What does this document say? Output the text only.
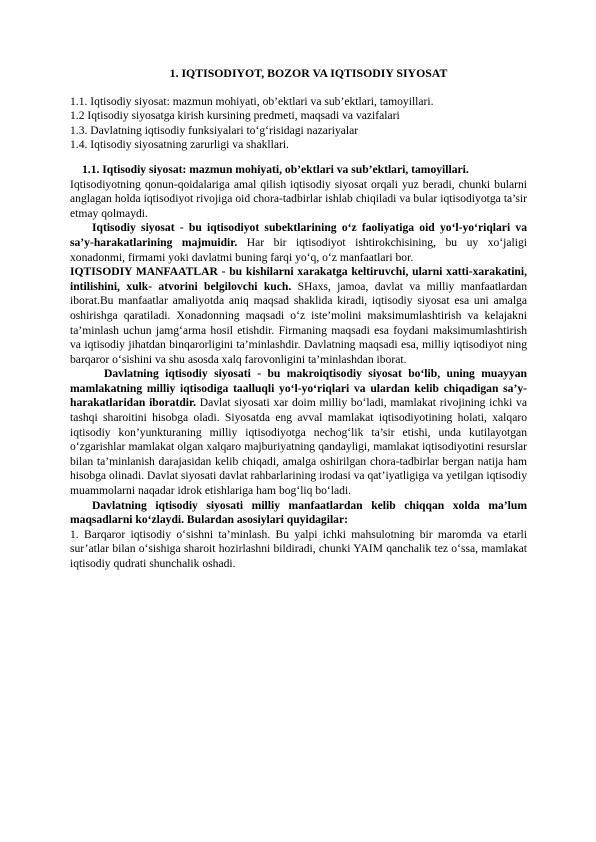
1. IQTISODIYOT, BOZOR VA IQTISODIY SIYOSAT
1.1. Iqtisodiy siyosat: mazmun mohiyati, ob’ektlari va sub’ektlari, tamoyillari.
1.2 Iqtisodiy siyosatga kirish kursining predmeti, maqsadi va vazifalari
1.3. Davlatning iqtisodiy funksiyalari to‘g‘risidagi nazariyalar
1.4. Iqtisodiy siyosatning zarurligi va shakllari.

1.1. Iqtisodiy siyosat: mazmun mohiyati, ob’ektlari va sub’ektlari, tamoyillari.

Iqtisodiyotning qonun-qoidalariga amal qilish iqtisodiy siyosat orqali yuz beradi, chunki bularni anglagan holda iqtisodiyot rivojiga oid chora-tadbirlar ishlab chiqiladi va bular iqtisodiyotga ta’sir etmay qolmaydi.

Iqtisodiy siyosat - bu iqtisodiyot subektlarining o‘z faoliyatiga oid yo‘l-yo‘riqlari va sa’y-harakatlarining majmuidir. Har bir iqtisodiyot ishtirokchisining, bu uy xo‘jaligi xonadonmi, firmami yoki davlatmi buning farqi yo‘q, o‘z manfaatlari bor.

IQTISODIY MANFAATLAR - bu kishilarni xarakatga keltiruvchi, ularni xatti-xarakatini, intilishini, xulk- atvorini belgilovchi kuch. SHaxs, jamoa, davlat va milliy manfaatlardan iborat.Bu manfaatlar amaliyotda aniq maqsad shaklida kiradi, iqtisodiy siyosat esa uni amalga oshirishga qaratiladi. Xonadonning maqsadi o‘z iste’molini maksimumlashtirish va kelajakni ta’minlash uchun jamg‘arma hosil etishdir. Firmaning maqsadi esa foydani maksimumlashtirish va iqtisodiy jihatdan binqarorligini ta’minlashdir. Davlatning maqsadi esa, milliy iqtisodiyot ning barqaror o‘sishini va shu asosda xalq farovonligini ta’minlashdan iborat.

Davlatning iqtisodiy siyosati - bu makroiqtisodiy siyosat bo‘lib, uning muayyan mamlakatning milliy iqtisodiga taalluqli yo‘l-yo‘riqlari va ulardan kelib chiqadigan sa’y-harakatlaridan iboratdir. Davlat siyosati xar doim milliy bo‘ladi, mamlakat rivojining ichki va tashqi sharoitini hisobga oladi. Siyosatda eng avval mamlakat iqtisodiyotining holati, xalqaro iqtisodiy kon’yunkturaning milliy iqtisodiyotga nechog‘lik ta’sir etishi, unda kutilayotgan o‘zgarishlar mamlakat olgan xalqaro majburiyatning qandayligi, mamlakat iqtisodiyotini resurslar bilan ta’minlanish darajasidan kelib chiqadi, amalga oshirilgan chora-tadbirlar bergan natija ham hisobga olinadi. Davlat siyosati davlat rahbarlarining irodasi va qat’iyatligiga va yetilgan iqtisodiy muammolarni naqadar idrok etishlariga ham bog‘liq bo‘ladi.

Davlatning iqtisodiy siyosati milliy manfaatlardan kelib chiqqan xolda ma’lum maqsadlarni ko‘zlaydi. Bulardan asosiylari quyidagilar:

1. Barqaror iqtisodiy o‘sishni ta’minlash. Bu yalpi ichki mahsulotning bir maromda va etarli sur’atlar bilan o‘sishiga sharoit hozirlashni bildiradi, chunki YAIM qanchalik tez o‘ssa, mamlakat iqtisodiy qudrati shunchalik oshadi.
